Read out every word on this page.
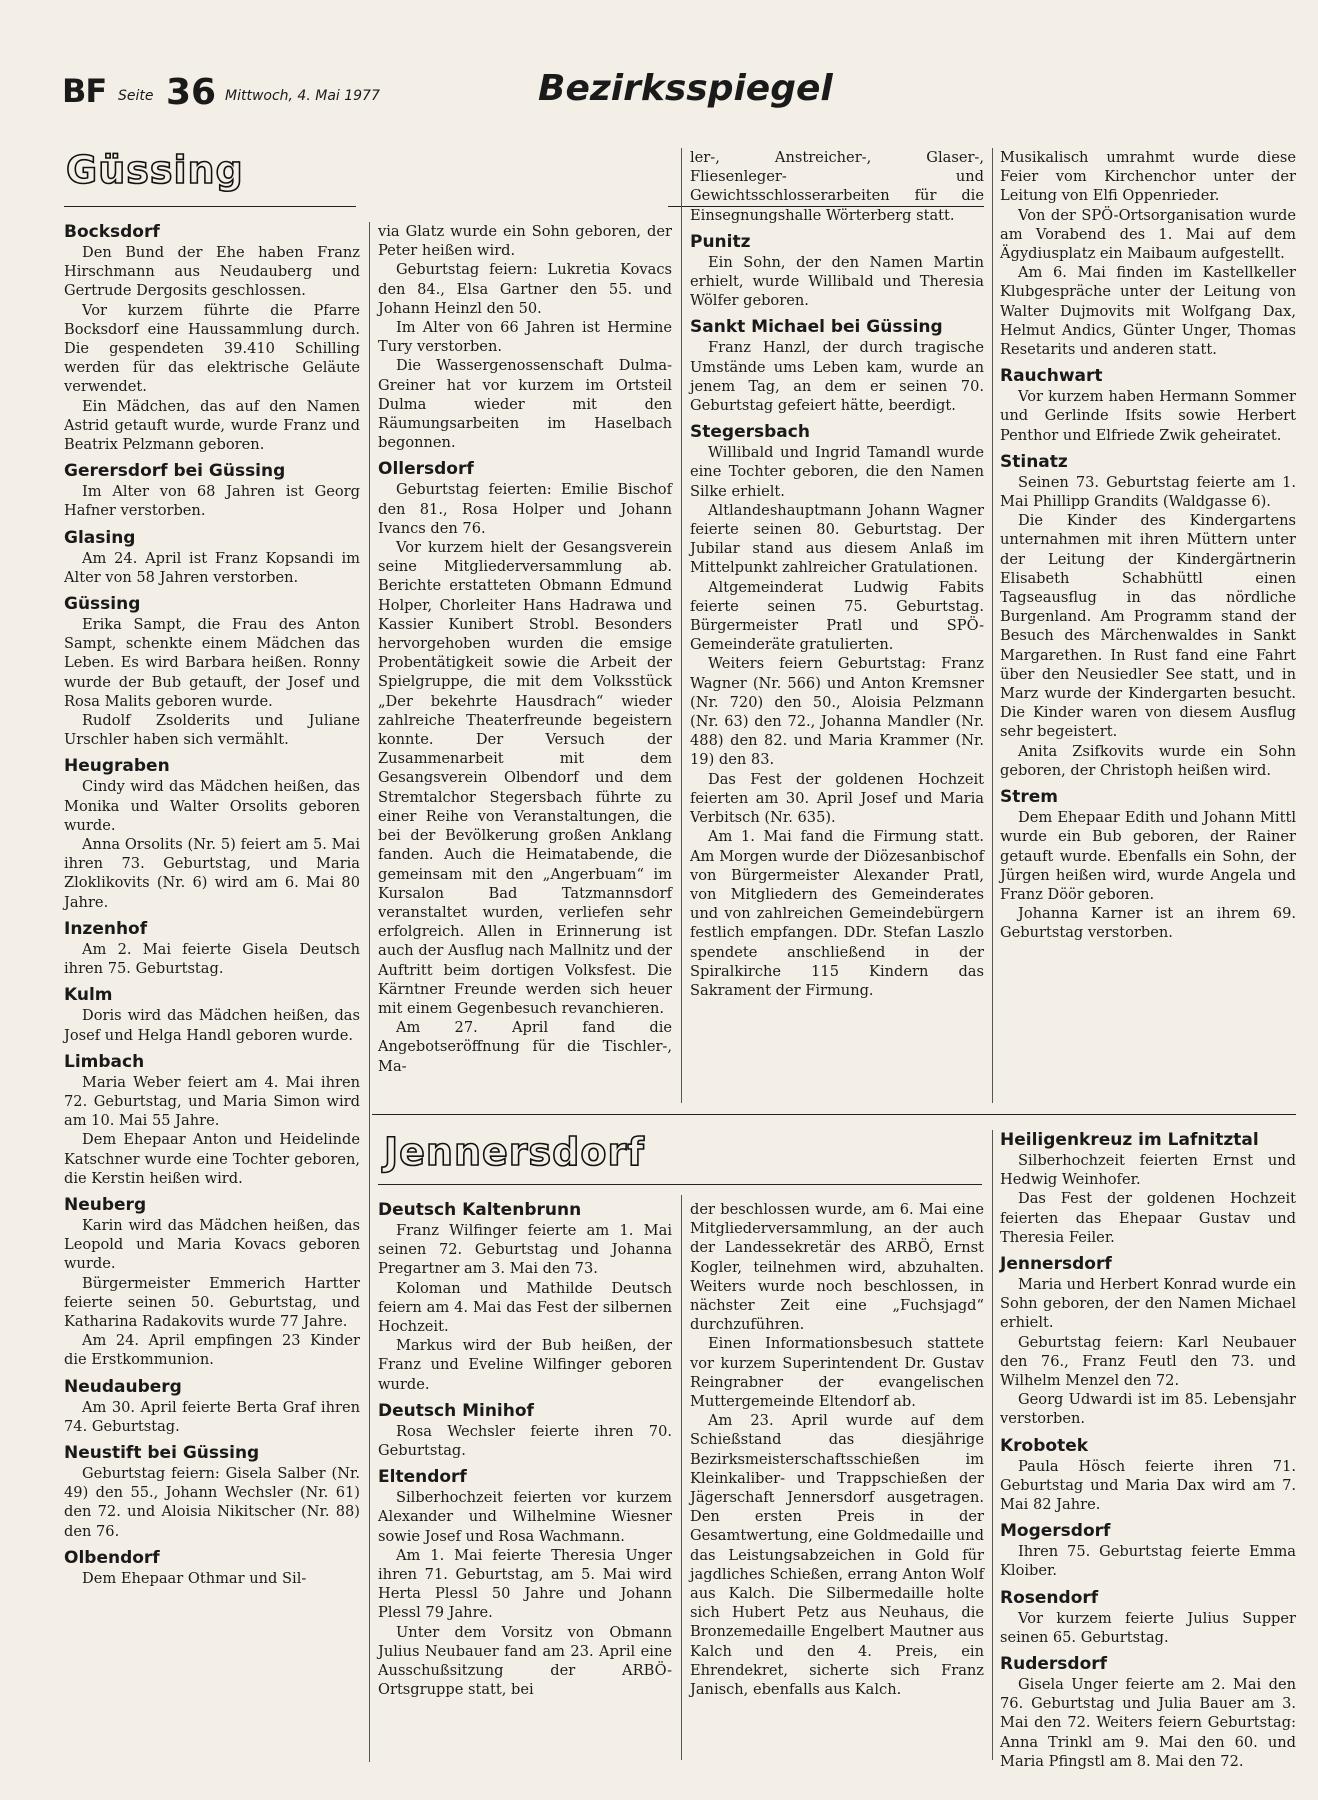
BF Seite 36 Mittwoch, 4. Mai 1977	Bezirksspiegel
Güssing
Bocksdorf

Den Bund der Ehe haben Franz Hirschmann aus Neudauberg und Gertrude Dergosits geschlossen.

Vor kurzem führte die Pfarre Bocksdorf eine Haussammlung durch. Die gespendeten 39.410 Schilling werden für das elektrische Geläute verwendet.

Ein Mädchen, das auf den Namen Astrid getauft wurde, wurde Franz und Beatrix Pelzmann geboren.

Gerersdorf bei Güssing

Im Alter von 68 Jahren ist Georg Hafner verstorben.

Glasing

Am 24. April ist Franz Kopsandi im Alter von 58 Jahren verstorben.

Güssing

Erika Sampt, die Frau des Anton Sampt, schenkte einem Mädchen das Leben. Es wird Barbara heißen. Ronny wurde der Bub getauft, der Josef und Rosa Malits geboren wurde.

Rudolf Zsolderits und Juliane Urschler haben sich vermählt.

Heugraben

Cindy wird das Mädchen heißen, das Monika und Walter Orsolits geboren wurde.

Anna Orsolits (Nr. 5) feiert am 5. Mai ihren 73. Geburtstag, und Maria Zloklikovits (Nr. 6) wird am 6. Mai 80 Jahre.

Inzenhof

Am 2. Mai feierte Gisela Deutsch ihren 75. Geburtstag.

Kulm

Doris wird das Mädchen heißen, das Josef und Helga Handl geboren wurde.

Limbach

Maria Weber feiert am 4. Mai ihren 72. Geburtstag, und Maria Simon wird am 10. Mai 55 Jahre.

Dem Ehepaar Anton und Heidelinde Katschner wurde eine Tochter geboren, die Kerstin heißen wird.

Neuberg

Karin wird das Mädchen heißen, das Leopold und Maria Kovacs geboren wurde.

Bürgermeister Emmerich Hartter feierte seinen 50. Geburtstag, und Katharina Radakovits wurde 77 Jahre.

Am 24. April empfingen 23 Kinder die Erstkommunion.

Neudauberg

Am 30. April feierte Berta Graf ihren 74. Geburtstag.

Neustift bei Güssing

Geburtstag feiern: Gisela Salber (Nr. 49) den 55., Johann Wechsler (Nr. 61) den 72. und Aloisia Nikitscher (Nr. 88) den 76.

Olbendorf

Dem Ehepaar Othmar und Sil-

via Glatz wurde ein Sohn geboren, der Peter heißen wird.

Geburtstag feiern: Lukretia Kovacs den 84., Elsa Gartner den 55. und Johann Heinzl den 50.

Im Alter von 66 Jahren ist Hermine Tury verstorben.

Die Wassergenossenschaft Dulma-Greiner hat vor kurzem im Ortsteil Dulma wieder mit den Räumungsarbeiten im Haselbach begonnen.

Ollersdorf

Geburtstag feierten: Emilie Bischof den 81., Rosa Holper und Johann Ivancs den 76.

Vor kurzem hielt der Gesangsverein seine Mitgliederversammlung ab. Berichte erstatteten Obmann Edmund Holper, Chorleiter Hans Hadrawa und Kassier Kunibert Strobl. Besonders hervorgehoben wurden die emsige Probentätigkeit sowie die Arbeit der Spielgruppe, die mit dem Volksstück „Der bekehrte Hausdrach“ wieder zahlreiche Theaterfreunde begeistern konnte. Der Versuch der Zusammenarbeit mit dem Gesangsverein Olbendorf und dem Stremtalchor Stegersbach führte zu einer Reihe von Veranstaltungen, die bei der Bevölkerung großen Anklang fanden. Auch die Heimatabende, die gemeinsam mit den „Angerbuam“ im Kursalon Bad Tatzmannsdorf veranstaltet wurden, verliefen sehr erfolgreich. Allen in Erinnerung ist auch der Ausflug nach Mallnitz und der Auftritt beim dortigen Volksfest. Die Kärntner Freunde werden sich heuer mit einem Gegenbesuch revanchieren.

Am 27. April fand die Angebotseröffnung für die Tischler-, Ma-

ler-, Anstreicher-, Glaser-, Fliesenleger- und Gewichtsschlosserarbeiten für die Einsegnungshalle Wörterberg statt.

Punitz

Ein Sohn, der den Namen Martin erhielt, wurde Willibald und Theresia Wölfer geboren.

Sankt Michael bei Güssing

Franz Hanzl, der durch tragische Umstände ums Leben kam, wurde an jenem Tag, an dem er seinen 70. Geburtstag gefeiert hätte, beerdigt.

Stegersbach

Willibald und Ingrid Tamandl wurde eine Tochter geboren, die den Namen Silke erhielt.

Altlandeshauptmann Johann Wagner feierte seinen 80. Geburtstag. Der Jubilar stand aus diesem Anlaß im Mittelpunkt zahlreicher Gratulationen.

Altgemeinderat Ludwig Fabits feierte seinen 75. Geburtstag. Bürgermeister Pratl und SPÖ-Gemeinderäte gratulierten.

Weiters feiern Geburtstag: Franz Wagner (Nr. 566) und Anton Kremsner (Nr. 720) den 50., Aloisia Pelzmann (Nr. 63) den 72., Johanna Mandler (Nr. 488) den 82. und Maria Krammer (Nr. 19) den 83.

Das Fest der goldenen Hochzeit feierten am 30. April Josef und Maria Verbitsch (Nr. 635).

Am 1. Mai fand die Firmung statt. Am Morgen wurde der Diözesanbischof von Bürgermeister Alexander Pratl, von Mitgliedern des Gemeinderates und von zahlreichen Gemeindebürgern festlich empfangen. DDr. Stefan Laszlo spendete anschließend in der Spiralkirche 115 Kindern das Sakrament der Firmung.

Musikalisch umrahmt wurde diese Feier vom Kirchenchor unter der Leitung von Elfi Oppenrieder.

Von der SPÖ-Ortsorganisation wurde am Vorabend des 1. Mai auf dem Ägydiusplatz ein Maibaum aufgestellt.

Am 6. Mai finden im Kastellkeller Klubgespräche unter der Leitung von Walter Dujmovits mit Wolfgang Dax, Helmut Andics, Günter Unger, Thomas Resetarits und anderen statt.

Rauchwart

Vor kurzem haben Hermann Sommer und Gerlinde Ifsits sowie Herbert Penthor und Elfriede Zwik geheiratet.

Stinatz

Seinen 73. Geburtstag feierte am 1. Mai Phillipp Grandits (Waldgasse 6).

Die Kinder des Kindergartens unternahmen mit ihren Müttern unter der Leitung der Kindergärtnerin Elisabeth Schabhüttl einen Tagseausflug in das nördliche Burgenland. Am Programm stand der Besuch des Märchenwaldes in Sankt Margarethen. In Rust fand eine Fahrt über den Neusiedler See statt, und in Marz wurde der Kindergarten besucht. Die Kinder waren von diesem Ausflug sehr begeistert.

Anita Zsifkovits wurde ein Sohn geboren, der Christoph heißen wird.

Strem

Dem Ehepaar Edith und Johann Mittl wurde ein Bub geboren, der Rainer getauft wurde. Ebenfalls ein Sohn, der Jürgen heißen wird, wurde Angela und Franz Döör geboren.

Johanna Karner ist an ihrem 69. Geburtstag verstorben.

Jennersdorf
Deutsch Kaltenbrunn

Franz Wilfinger feierte am 1. Mai seinen 72. Geburtstag und Johanna Pregartner am 3. Mai den 73.

Koloman und Mathilde Deutsch feiern am 4. Mai das Fest der silbernen Hochzeit.

Markus wird der Bub heißen, der Franz und Eveline Wilfinger geboren wurde.

Deutsch Minihof

Rosa Wechsler feierte ihren 70. Geburtstag.

Eltendorf

Silberhochzeit feierten vor kurzem Alexander und Wilhelmine Wiesner sowie Josef und Rosa Wachmann.

Am 1. Mai feierte Theresia Unger ihren 71. Geburtstag, am 5. Mai wird Herta Plessl 50 Jahre und Johann Plessl 79 Jahre.

Unter dem Vorsitz von Obmann Julius Neubauer fand am 23. April eine Ausschußsitzung der ARBÖ-Ortsgruppe statt, bei

der beschlossen wurde, am 6. Mai eine Mitgliederversammlung, an der auch der Landessekretär des ARBÖ, Ernst Kogler, teilnehmen wird, abzuhalten. Weiters wurde noch beschlossen, in nächster Zeit eine „Fuchsjagd“ durchzuführen.

Einen Informationsbesuch stattete vor kurzem Superintendent Dr. Gustav Reingrabner der evangelischen Muttergemeinde Eltendorf ab.

Am 23. April wurde auf dem Schießstand das diesjährige Bezirksmeisterschaftsschießen im Kleinkaliber- und Trappschießen der Jägerschaft Jennersdorf ausgetragen. Den ersten Preis in der Gesamtwertung, eine Goldmedaille und das Leistungsabzeichen in Gold für jagdliches Schießen, errang Anton Wolf aus Kalch. Die Silbermedaille holte sich Hubert Petz aus Neuhaus, die Bronzemedaille Engelbert Mautner aus Kalch und den 4. Preis, ein Ehrendekret, sicherte sich Franz Janisch, ebenfalls aus Kalch.

Heiligenkreuz im Lafnitztal

Silberhochzeit feierten Ernst und Hedwig Weinhofer.

Das Fest der goldenen Hochzeit feierten das Ehepaar Gustav und Theresia Feiler.

Jennersdorf

Maria und Herbert Konrad wurde ein Sohn geboren, der den Namen Michael erhielt.

Geburtstag feiern: Karl Neubauer den 76., Franz Feutl den 73. und Wilhelm Menzel den 72.

Georg Udwardi ist im 85. Lebensjahr verstorben.

Krobotek

Paula Hösch feierte ihren 71. Geburtstag und Maria Dax wird am 7. Mai 82 Jahre.

Mogersdorf

Ihren 75. Geburtstag feierte Emma Kloiber.

Rosendorf

Vor kurzem feierte Julius Supper seinen 65. Geburtstag.

Rudersdorf

Gisela Unger feierte am 2. Mai den 76. Geburtstag und Julia Bauer am 3. Mai den 72. Weiters feiern Geburtstag: Anna Trinkl am 9. Mai den 60. und Maria Pfingstl am 8. Mai den 72.
